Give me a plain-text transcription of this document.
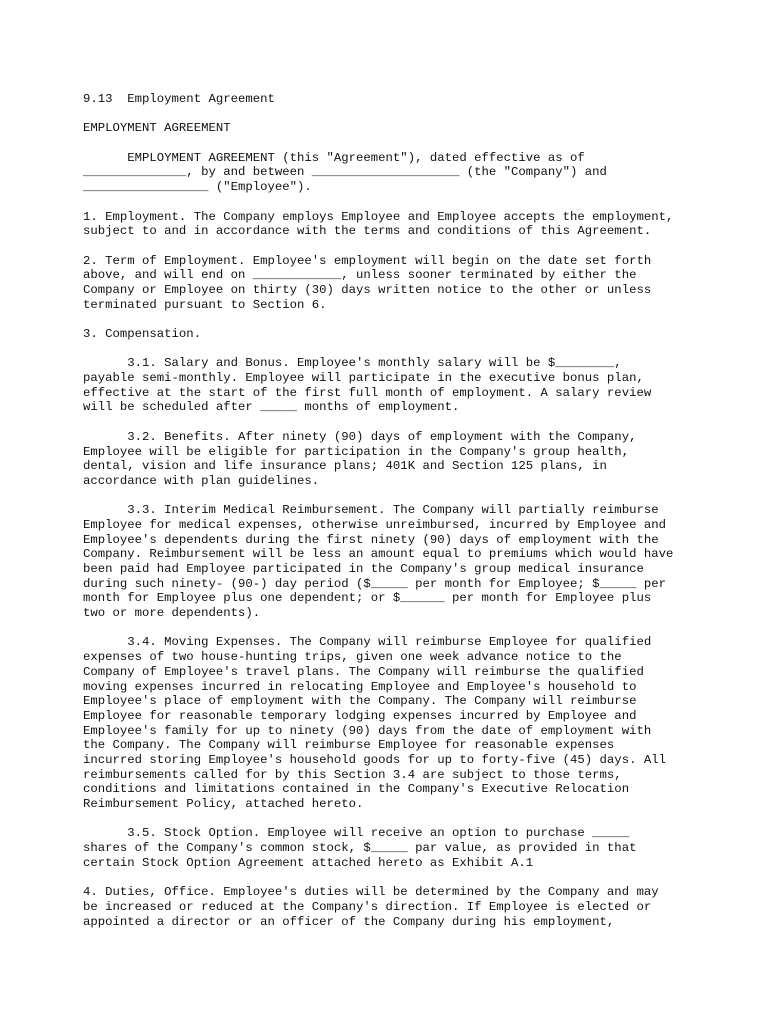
9.13  Employment Agreement
EMPLOYMENT AGREEMENT
EMPLOYMENT AGREEMENT (this "Agreement"), dated effective as of
______________, by and between ____________________ (the "Company") and
_________________ ("Employee").
1. Employment. The Company employs Employee and Employee accepts the employment,
subject to and in accordance with the terms and conditions of this Agreement.
2. Term of Employment. Employee's employment will begin on the date set forth
above, and will end on ____________, unless sooner terminated by either the
Company or Employee on thirty (30) days written notice to the other or unless
terminated pursuant to Section 6.
3. Compensation.
3.1. Salary and Bonus. Employee's monthly salary will be $________,
payable semi-monthly. Employee will participate in the executive bonus plan,
effective at the start of the first full month of employment. A salary review
will be scheduled after _____ months of employment.
3.2. Benefits. After ninety (90) days of employment with the Company,
Employee will be eligible for participation in the Company's group health,
dental, vision and life insurance plans; 401K and Section 125 plans, in
accordance with plan guidelines.
3.3. Interim Medical Reimbursement. The Company will partially reimburse
Employee for medical expenses, otherwise unreimbursed, incurred by Employee and
Employee's dependents during the first ninety (90) days of employment with the
Company. Reimbursement will be less an amount equal to premiums which would have
been paid had Employee participated in the Company's group medical insurance
during such ninety- (90-) day period ($_____ per month for Employee; $_____ per
month for Employee plus one dependent; or $______ per month for Employee plus
two or more dependents).
3.4. Moving Expenses. The Company will reimburse Employee for qualified
expenses of two house-hunting trips, given one week advance notice to the
Company of Employee's travel plans. The Company will reimburse the qualified
moving expenses incurred in relocating Employee and Employee's household to
Employee's place of employment with the Company. The Company will reimburse
Employee for reasonable temporary lodging expenses incurred by Employee and
Employee's family for up to ninety (90) days from the date of employment with
the Company. The Company will reimburse Employee for reasonable expenses
incurred storing Employee's household goods for up to forty-five (45) days. All
reimbursements called for by this Section 3.4 are subject to those terms,
conditions and limitations contained in the Company's Executive Relocation
Reimbursement Policy, attached hereto.
3.5. Stock Option. Employee will receive an option to purchase _____
shares of the Company's common stock, $_____ par value, as provided in that
certain Stock Option Agreement attached hereto as Exhibit A.1
4. Duties, Office. Employee's duties will be determined by the Company and may
be increased or reduced at the Company's direction. If Employee is elected or
appointed a director or an officer of the Company during his employment,
